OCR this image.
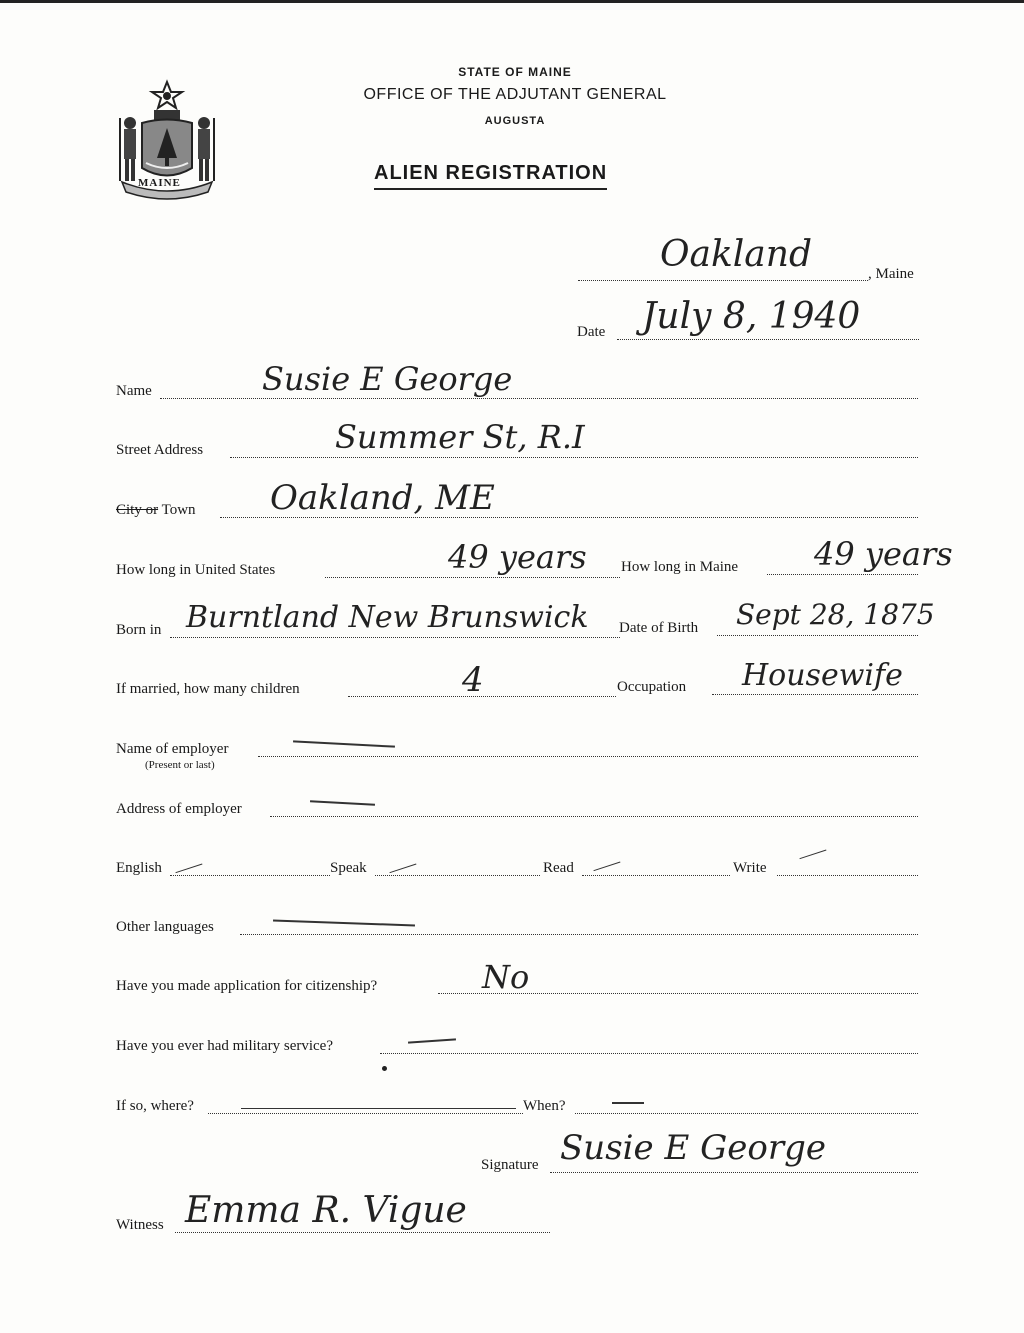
MAINE
STATE OF MAINE
OFFICE OF THE ADJUTANT GENERAL
AUGUSTA
ALIEN REGISTRATION
Oakland	, Maine
Date July 8, 1940
Name	Susie E George
Street Address	Summer St, R.I
City or Town Oakland, ME
How long in United States	49 years How long in Maine 49 years
Born in Burntland New Brunswick Date of Birth Sept 28, 1875
If married, how many children	4	Occupation Housewife
Name of employer
(Present or last)
Address of employer
English	Speak	Read	Write
Other languages
Have you made application for citizenship?	No
Have you ever had military service?
If so, where?	When?
Signature Susie E George
Witness Emma R. Vigue
